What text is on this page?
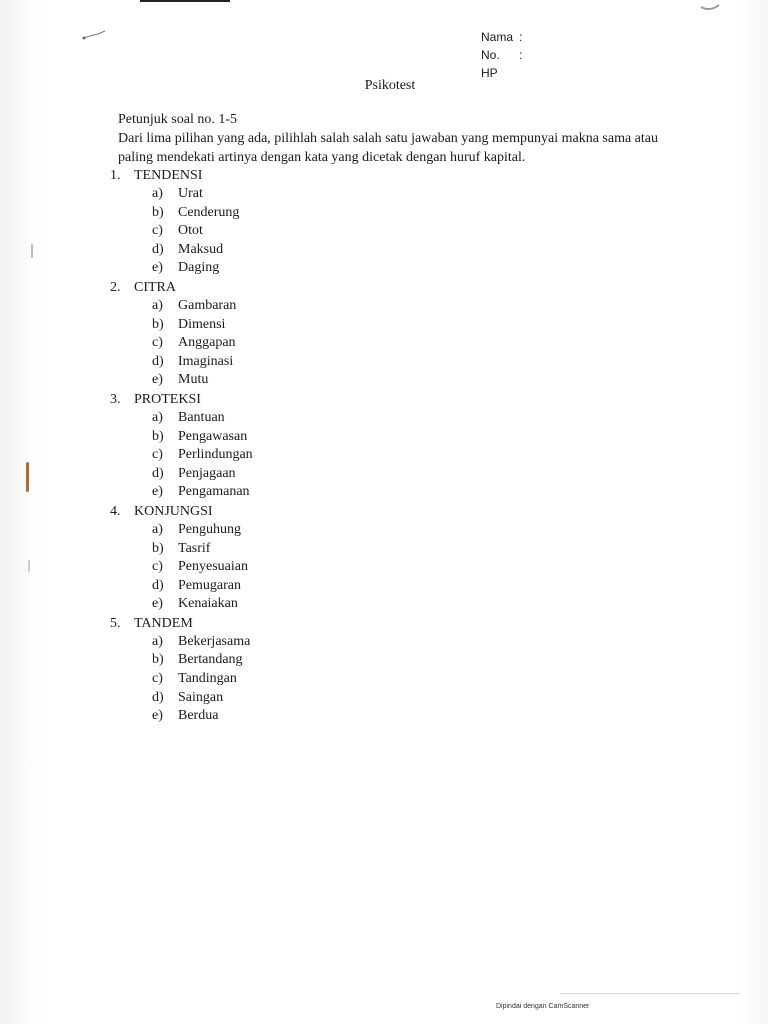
Nama :
No. HP
:
Psikotest
Petunjuk soal no. 1-5
Dari lima pilihan yang ada, pilihlah salah salah satu jawaban yang mempunyai makna sama atau paling mendekati artinya dengan kata yang dicetak dengan huruf kapital.
1. TENDENSI
a)	Urat
b)	Cenderung
c)	Otot
d)	Maksud
e)	Daging
2. CITRA
a)	Gambaran
b)	Dimensi
c)	Anggapan
d)	Imaginasi
e)	Mutu
3. PROTEKSI
a)	Bantuan
b)	Pengawasan
c)	Perlindungan
d)	Penjagaan
e)	Pengamanan
4. KONJUNGSI
a)	Penguhung
b)	Tasrif
c)	Penyesuaian
d)	Pemugaran
e)	Kenaiakan
5. TANDEM
a)	Bekerjasama
b)	Bertandang
c)	Tandingan
d)	Saingan
e)	Berdua
Dipindai dengan CamScanner
